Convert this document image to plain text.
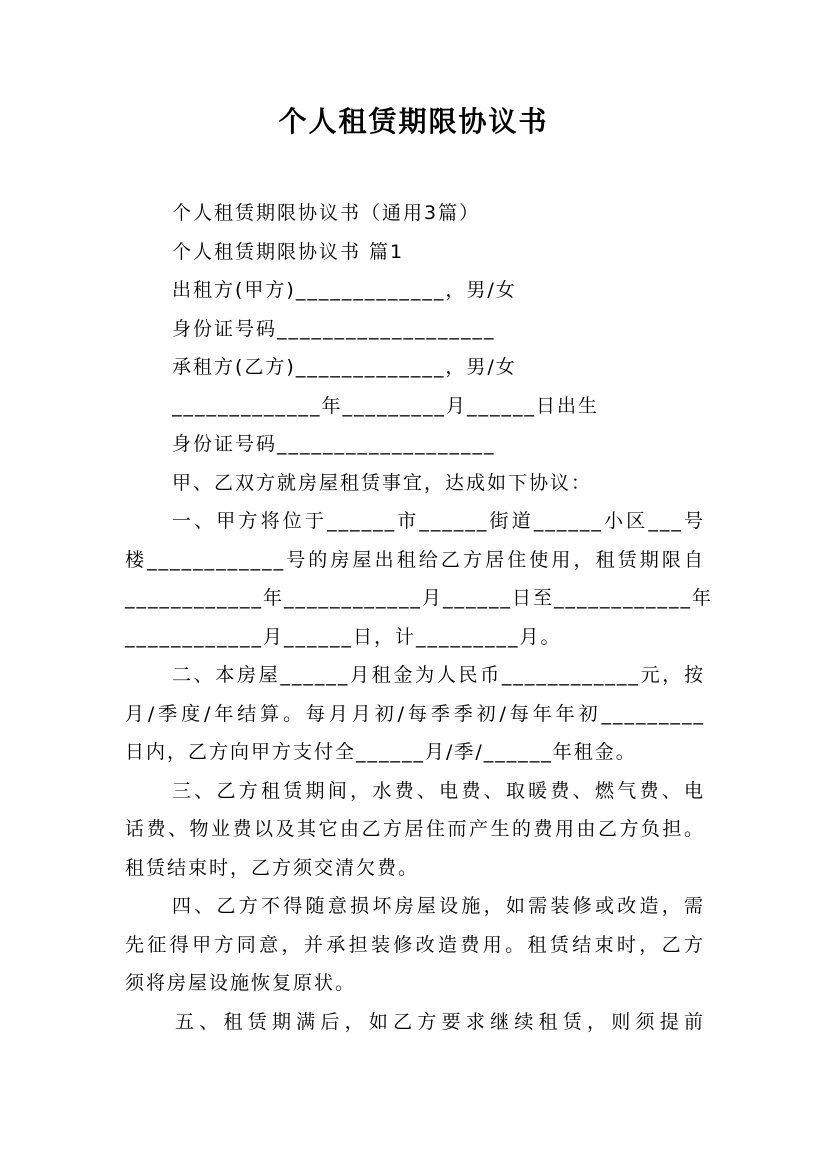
个人租赁期限协议书
个人租赁期限协议书（通用3篇）
个人租赁期限协议书 篇1
出租方(甲方)_____________，男/女
身份证号码___________________
承租方(乙方)_____________，男/女
_____________年_________月______日出生
身份证号码___________________
甲、乙双方就房屋租赁事宜，达成如下协议：
一、甲方将位于______市______街道______小区___号
楼____________号的房屋出租给乙方居住使用，租赁期限自
____________年____________月______日至____________年
____________月______日，计_________月。
二、本房屋______月租金为人民币____________元，按
月/季度/年结算。每月月初/每季季初/每年年初_________
日内，乙方向甲方支付全______月/季/______年租金。
三、乙方租赁期间，水费、电费、取暖费、燃气费、电
话费、物业费以及其它由乙方居住而产生的费用由乙方负担。
租赁结束时，乙方须交清欠费。
四、乙方不得随意损坏房屋设施，如需装修或改造，需
先征得甲方同意，并承担装修改造费用。租赁结束时，乙方
须将房屋设施恢复原状。
五、租赁期满后，如乙方要求继续租赁，则须提前
